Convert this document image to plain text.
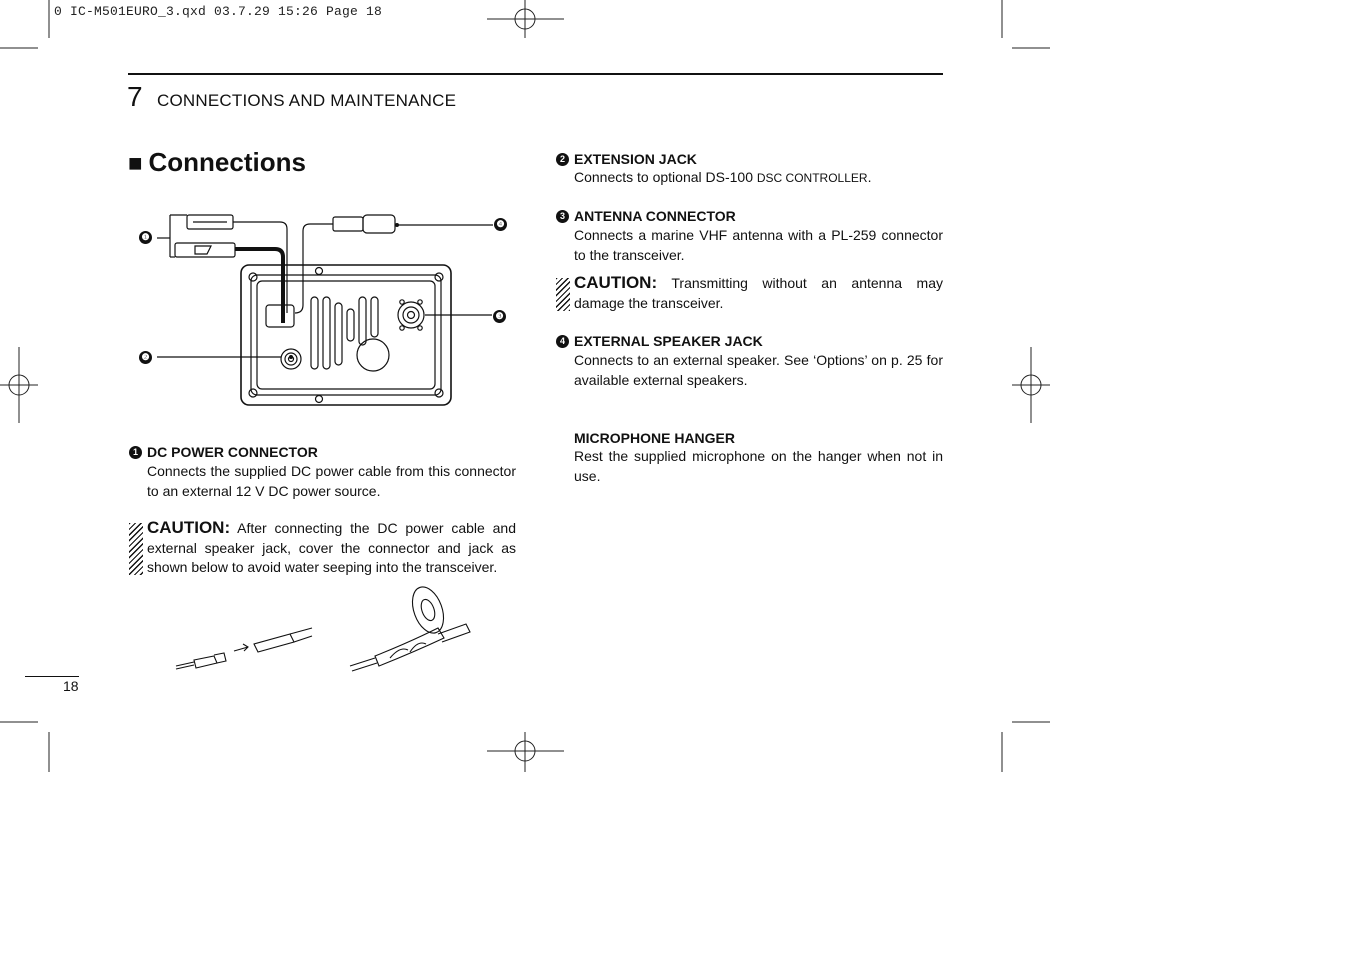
0 IC-M501EURO_3.qxd 03.7.29 15:26 Page 18
7 CONNECTIONS AND MAINTENANCE
■ Connections
❶
❷
❸
❹
1 DC POWER CONNECTOR
Connects the supplied DC power cable from this connector to an external 12 V DC power source.
CAUTION: After connecting the DC power cable and external speaker jack, cover the connector and jack as shown below to avoid water seeping into the transceiver.
18
2 EXTENSION JACK
Connects to optional DS-100 DSC CONTROLLER.
3 ANTENNA CONNECTOR
Connects a marine VHF antenna with a PL-259 connector to the transceiver.
CAUTION: Transmitting without an antenna may damage the transceiver.
4 EXTERNAL SPEAKER JACK
Connects to an external speaker. See ‘Options’ on p. 25 for available external speakers.
MICROPHONE HANGER
Rest the supplied microphone on the hanger when not in use.
